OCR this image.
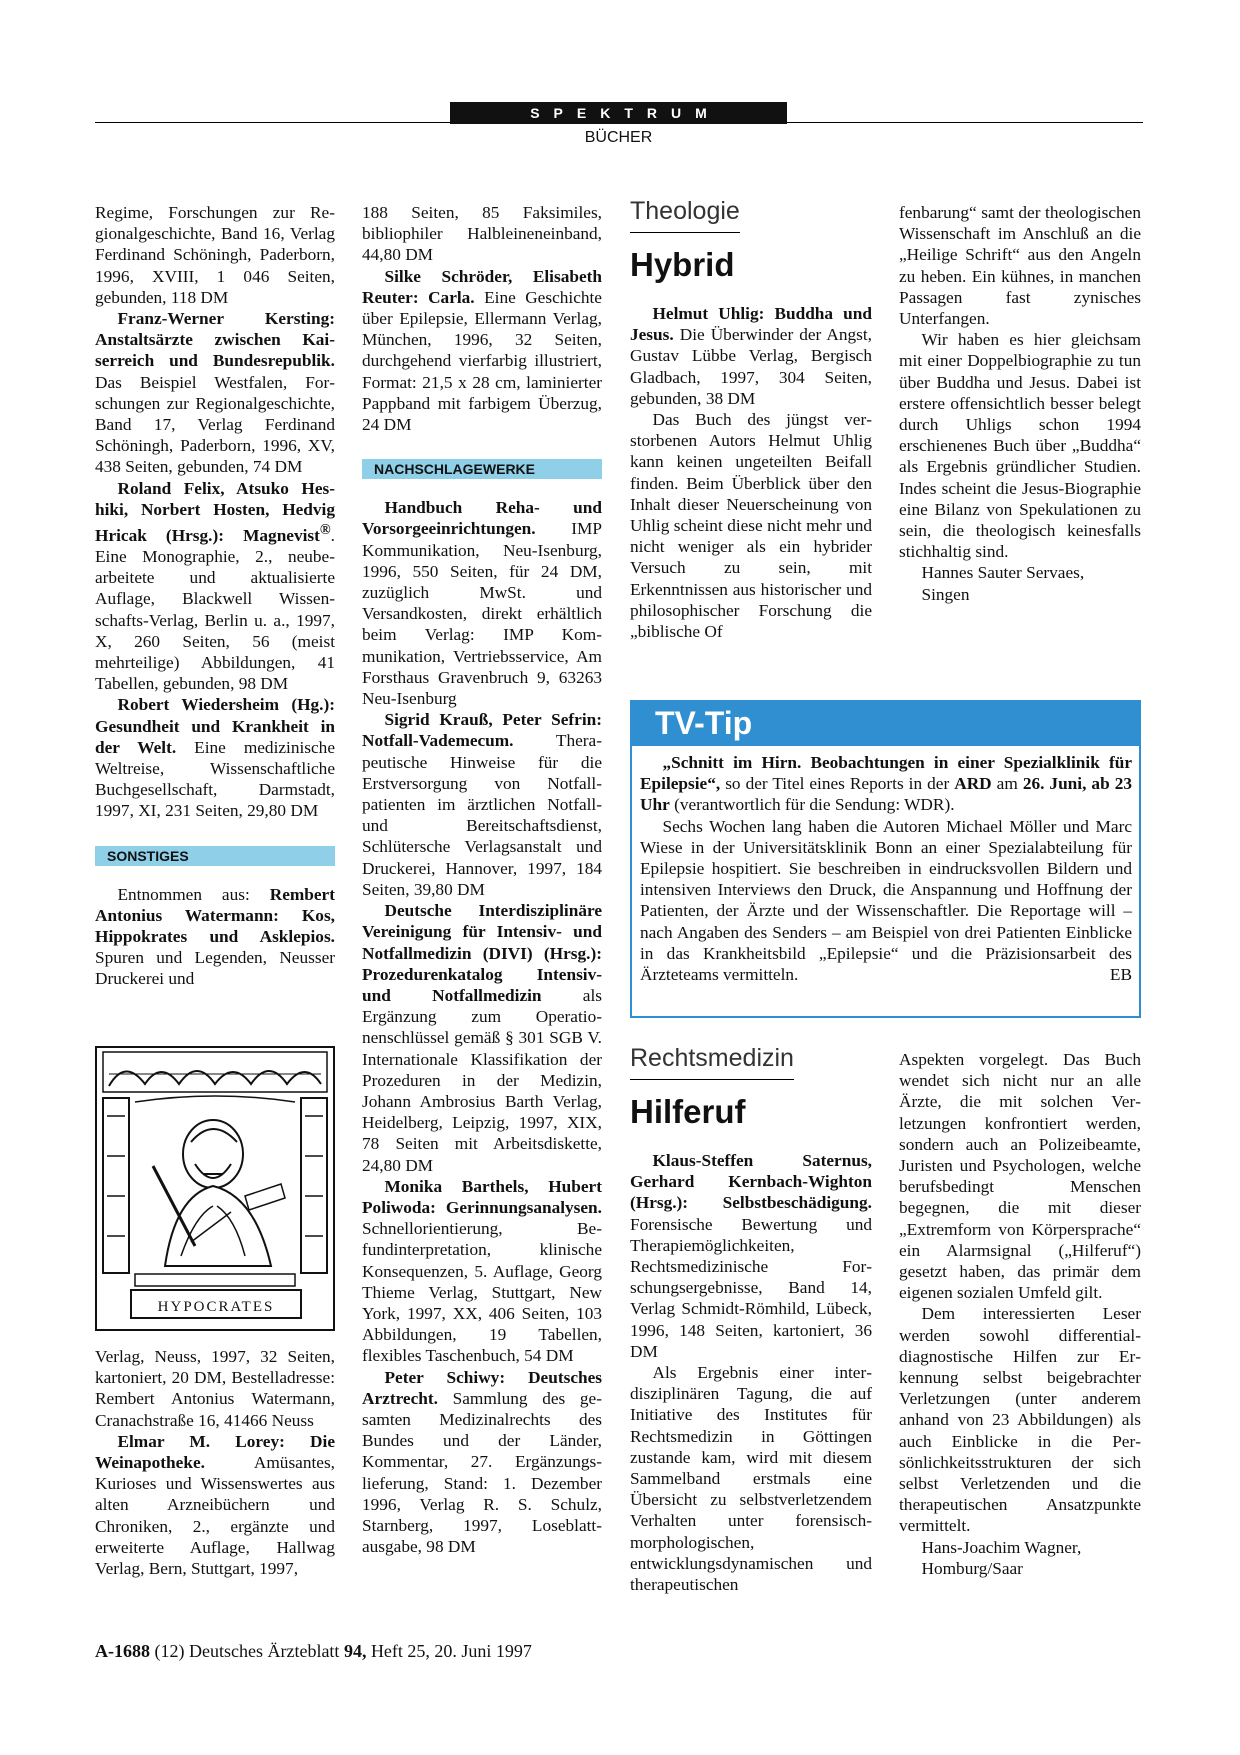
SPEKTRUM
BÜCHER

Regime, Forschungen zur Regionalgeschichte, Band 16, Verlag Ferdinand Schöningh, Paderborn, 1996, XVIII, 1 046 Seiten, gebunden, 118 DM

Franz-Werner Kersting: Anstaltsärzte zwischen Kaiserreich und Bundesrepublik. Das Beispiel Westfalen, Forschungen zur Regionalgeschichte, Band 17, Verlag Ferdinand Schöningh, Paderborn, 1996, XV, 438 Seiten, gebunden, 74 DM

Roland Felix, Atsuko Heshiki, Norbert Hosten, Hedvig Hricak (Hrsg.): Magnevist®. Eine Monographie, 2., neubearbeitete und aktualisierte Auflage, Blackwell Wissenschafts-Verlag, Berlin u. a., 1997, X, 260 Seiten, 56 (meist mehrteilige) Abbildungen, 41 Tabellen, gebunden, 98 DM

Robert Wiedersheim (Hg.): Gesundheit und Krankheit in der Welt. Eine medizinische Weltreise, Wissenschaftliche Buchgesellschaft, Darmstadt, 1997, XI, 231 Seiten, 29,80 DM

SONSTIGES

Entnommen aus: Rembert Antonius Watermann: Kos, Hippokrates und Asklepios. Spuren und Legenden, Neusser Druckerei und

HYPOCRATES

Verlag, Neuss, 1997, 32 Seiten, kartoniert, 20 DM, Bestelladresse: Rembert Antonius Watermann, Cranachstraße 16, 41466 Neuss

Elmar M. Lorey: Die Weinapotheke. Amüsantes, Kurioses und Wissenswertes aus alten Arzneibüchern und Chroniken, 2., ergänzte und erweiterte Auflage, Hallwag Verlag, Bern, Stuttgart, 1997,

188 Seiten, 85 Faksimiles, bibliophiler Halbleineneinband, 44,80 DM

Silke Schröder, Elisabeth Reuter: Carla. Eine Geschichte über Epilepsie, Ellermann Verlag, München, 1996, 32 Seiten, durchgehend vierfarbig illustriert, Format: 21,5 x 28 cm, laminierter Pappband mit farbigem Überzug, 24 DM

NACHSCHLAGEWERKE

Handbuch Reha- und Vorsorgeeinrichtungen. IMP Kommunikation, Neu-Isenburg, 1996, 550 Seiten, für 24 DM, zuzüglich MwSt. und Versandkosten, direkt erhältlich beim Verlag: IMP Kommunikation, Vertriebsservice, Am Forsthaus Gravenbruch 9, 63263 Neu-Isenburg

Sigrid Krauß, Peter Sefrin: Notfall-Vademecum. Therapeutische Hinweise für die Erstversorgung von Notfallpatienten im ärztlichen Notfall- und Bereitschaftsdienst, Schlütersche Verlagsanstalt und Druckerei, Hannover, 1997, 184 Seiten, 39,80 DM

Deutsche Interdisziplinäre Vereinigung für Intensiv- und Notfallmedizin (DIVI) (Hrsg.): Prozedurenkatalog Intensiv- und Notfallmedizin als Ergänzung zum Operationenschlüssel gemäß § 301 SGB V. Internationale Klassifikation der Prozeduren in der Medizin, Johann Ambrosius Barth Verlag, Heidelberg, Leipzig, 1997, XIX, 78 Seiten mit Arbeitsdiskette, 24,80 DM

Monika Barthels, Hubert Poliwoda: Gerinnungsanalysen. Schnellorientierung, Befundinterpretation, klinische Konsequenzen, 5. Auflage, Georg Thieme Verlag, Stuttgart, New York, 1997, XX, 406 Seiten, 103 Abbildungen, 19 Tabellen, flexibles Taschenbuch, 54 DM

Peter Schiwy: Deutsches Arztrecht. Sammlung des gesamten Medizinalrechts des Bundes und der Länder, Kommentar, 27. Ergänzungslieferung, Stand: 1. Dezember 1996, Verlag R. S. Schulz, Starnberg, 1997, Loseblattausgabe, 98 DM

Theologie
Hybrid

Helmut Uhlig: Buddha und Jesus. Die Überwinder der Angst, Gustav Lübbe Verlag, Bergisch Gladbach, 1997, 304 Seiten, gebunden, 38 DM

Das Buch des jüngst verstorbenen Autors Helmut Uhlig kann keinen ungeteilten Beifall finden. Beim Überblick über den Inhalt dieser Neuerscheinung von Uhlig scheint diese nicht mehr und nicht weniger als ein hybrider Versuch zu sein, mit Erkenntnissen aus historischer und philosophischer Forschung die „biblische Of

fenbarung“ samt der theologischen Wissenschaft im Anschluß an die „Heilige Schrift“ aus den Angeln zu heben. Ein kühnes, in manchen Passagen fast zynisches Unterfangen.

Wir haben es hier gleichsam mit einer Doppelbiographie zu tun über Buddha und Jesus. Dabei ist erstere offensichtlich besser belegt durch Uhligs schon 1994 erschienenes Buch über „Buddha“ als Ergebnis gründlicher Studien. Indes scheint die Jesus-Biographie eine Bilanz von Spekulationen zu sein, die theologisch keinesfalls stichhaltig sind.

Hannes Sauter Servaes,
Singen

TV-Tip

„Schnitt im Hirn. Beobachtungen in einer Spezialklinik für Epilepsie“, so der Titel eines Reports in der ARD am 26. Juni, ab 23 Uhr (verantwortlich für die Sendung: WDR).

Sechs Wochen lang haben die Autoren Michael Möller und Marc Wiese in der Universitätsklinik Bonn an einer Spezialabteilung für Epilepsie hospitiert. Sie beschreiben in eindrucksvollen Bildern und intensiven Interviews den Druck, die Anspannung und Hoffnung der Patienten, der Ärzte und der Wissenschaftler. Die Reportage will – nach Angaben des Senders – am Beispiel von drei Patienten Einblicke in das Krankheitsbild „Epilepsie“ und die Präzisionsarbeit des Ärzteteams vermitteln.	EB

Rechtsmedizin
Hilferuf

Klaus-Steffen Saternus, Gerhard Kernbach-Wighton (Hrsg.): Selbstbeschädigung. Forensische Bewertung und Therapiemöglichkeiten, Rechtsmedizinische Forschungsergebnisse, Band 14, Verlag Schmidt-Römhild, Lübeck, 1996, 148 Seiten, kartoniert, 36 DM

Als Ergebnis einer interdisziplinären Tagung, die auf Initiative des Institutes für Rechtsmedizin in Göttingen zustande kam, wird mit diesem Sammelband erstmals eine Übersicht zu selbstverletzendem Verhalten unter forensisch-morphologischen, entwicklungsdynamischen und therapeutischen

Aspekten vorgelegt. Das Buch wendet sich nicht nur an alle Ärzte, die mit solchen Verletzungen konfrontiert werden, sondern auch an Polizeibeamte, Juristen und Psychologen, welche berufsbedingt Menschen begegnen, die mit dieser „Extremform von Körpersprache“ ein Alarmsignal („Hilferuf“) gesetzt haben, das primär dem eigenen sozialen Umfeld gilt.

Dem interessierten Leser werden sowohl differentialdiagnostische Hilfen zur Erkennung selbst beigebrachter Verletzungen (unter anderem anhand von 23 Abbildungen) als auch Einblicke in die Persönlichkeitsstrukturen der sich selbst Verletzenden und die therapeutischen Ansatzpunkte vermittelt.

Hans-Joachim Wagner,
Homburg/Saar

A-1688 (12) Deutsches Ärzteblatt 94, Heft 25, 20. Juni 1997
